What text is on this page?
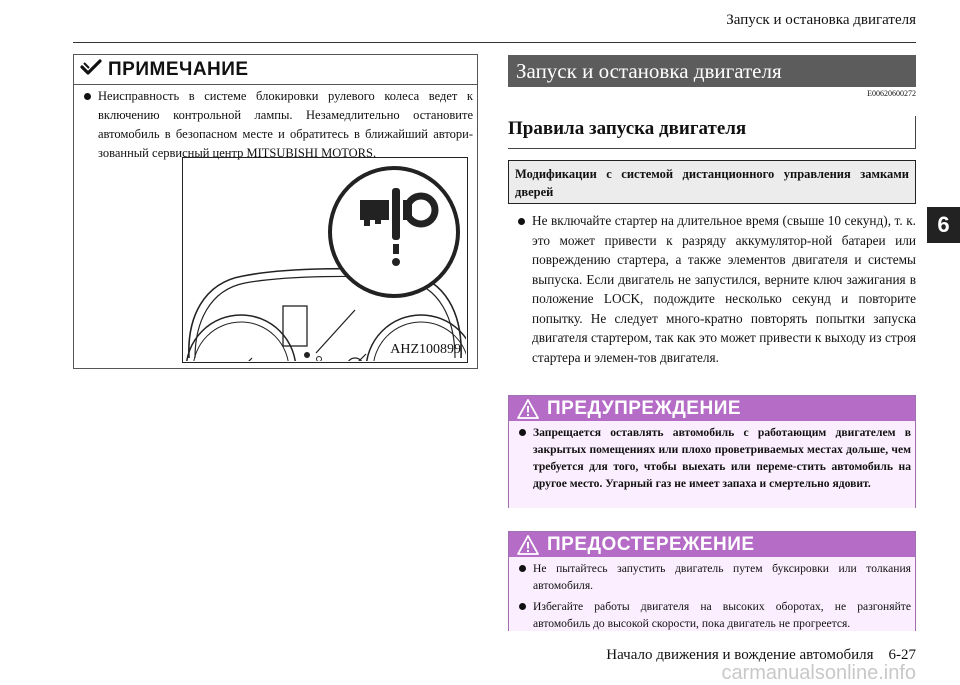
Запуск и остановка двигателя
6
ПРИМЕЧАНИЕ
Неисправность в системе блокировки рулевого колеса ведет к включению контрольной лампы. Незамедлительно остановите автомобиль в безопасном месте и обратитесь в ближайший автори-зованный сервисный центр MITSUBISHI MOTORS.
AHZ100899
Запуск и остановка двигателя
E00620600272
Правила запуска двигателя
Модификации с системой дистанционного управления замками дверей
Не включайте стартер на длительное время (свыше 10 секунд), т. к. это может привести к разряду аккумулятор-ной батареи или повреждению стартера, а также элементов двигателя и системы выпуска. Если двигатель не запустился, верните ключ зажигания в положение LOCK, подождите несколько секунд и повторите попытку. Не следует много-кратно повторять попытки запуска двигателя стартером, так как это может привести к выходу из строя стартера и элемен-тов двигателя.
ПРЕДУПРЕЖДЕНИЕ
Запрещается оставлять автомобиль с работающим двигателем в закрытых помещениях или плохо проветриваемых местах дольше, чем требуется для того, чтобы выехать или переме-стить автомобиль на другое место. Угарный газ не имеет запаха и смертельно ядовит.
ПРЕДОСТЕРЕЖЕНИЕ

Не пытайтесь запустить двигатель путем буксировки или толкания автомобиля.

Избегайте работы двигателя на высоких оборотах, не разгоняйте автомобиль до высокой скорости, пока двигатель не прогреется.

Начало движения и вождение автомобиля    6-27
carmanualsonline.info
